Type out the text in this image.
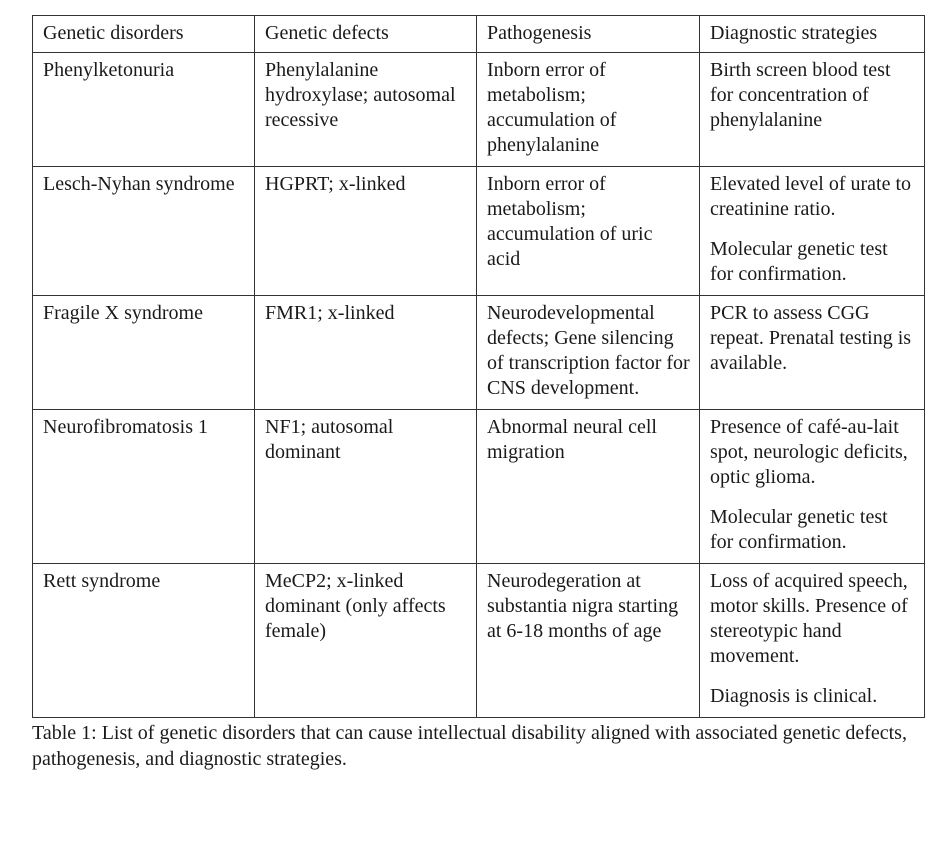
Genetic disorders	Genetic defects	Pathogenesis	Diagnostic strategies
Phenylketonuria	Phenylalanine hydroxylase; autosomal recessive	Inborn error of metabolism; accumulation of phenylalanine	Birth screen blood test for concentration of phenylalanine

Lesch-Nyhan syndrome	HGPRT; x-linked	Inborn error of metabolism; accumulation of uric acid	Elevated level of urate to creatinine ratio.
Molecular genetic test for confirmation.

Fragile X syndrome	FMR1; x-linked	Neurodevelopmental defects; Gene silencing of transcription factor for CNS development.	PCR to assess CGG repeat. Prenatal testing is available.

Neurofibromatosis 1	NF1; autosomal dominant	Abnormal neural cell migration	Presence of café-au-lait spot, neurologic deficits, optic glioma.
Molecular genetic test for confirmation.

Rett syndrome	MeCP2; x-linked dominant (only affects female)	Neurodegeration at substantia nigra starting at 6-18 months of age	Loss of acquired speech, motor skills. Presence of stereotypic hand movement.
Diagnosis is clinical.
Table 1: List of genetic disorders that can cause intellectual disability aligned with associated genetic defects, pathogenesis, and diagnostic strategies.
